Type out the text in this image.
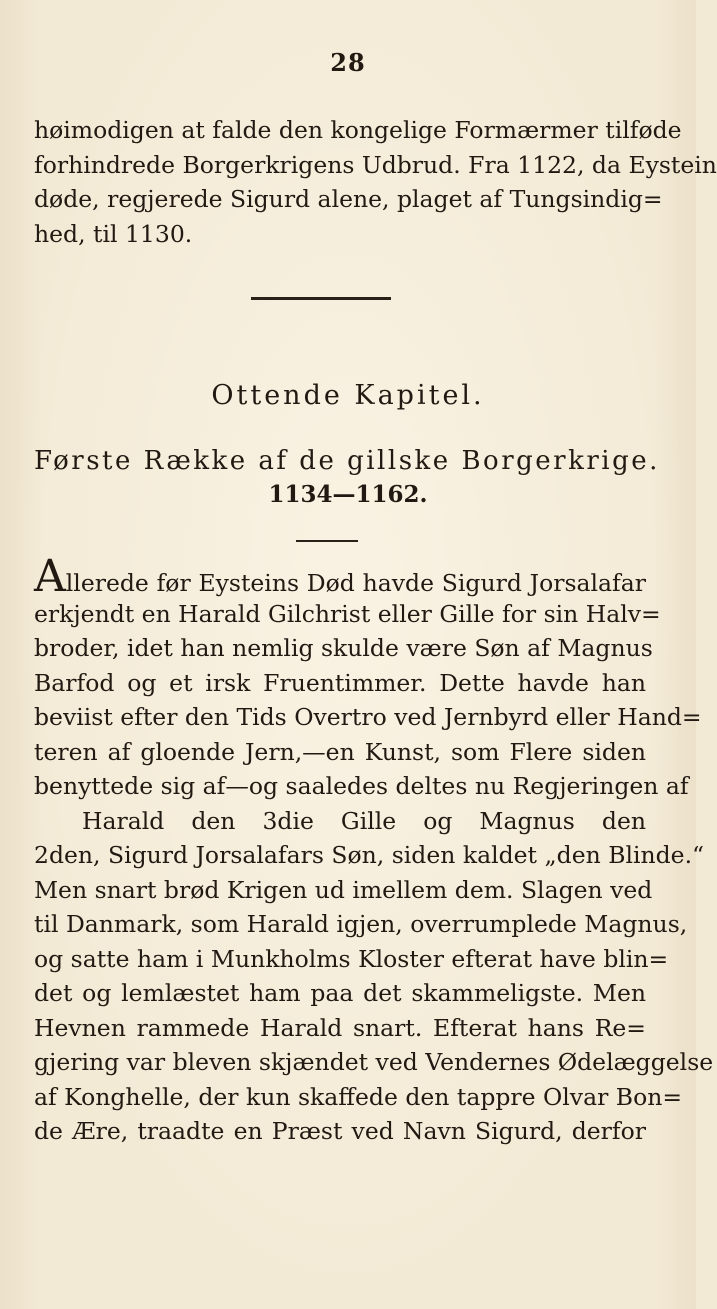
28
høimodigen at falde den kongelige Formærmer tilføde
forhindrede Borgerkrigens Udbrud. Fra 1122, da Eystein
døde, regjerede Sigurd alene, plaget af Tungsindig=
hed, til 1130.
Ottende Kapitel.
Første Række af de gillske Borgerkrige.
1134—1162.
Allerede før Eysteins Død havde Sigurd Jorsalafar
erkjendt en Harald Gilchrist eller Gille for sin Halv=
broder, idet han nemlig skulde være Søn af Magnus
Barfod og et irsk Fruentimmer. Dette havde han
beviist efter den Tids Overtro ved Jernbyrd eller Hand=
teren af gloende Jern,—en Kunst, som Flere siden
benyttede sig af—og saaledes deltes nu Regjeringen af
Harald den 3die Gille og Magnus den
2den, Sigurd Jorsalafars Søn, siden kaldet „den Blinde.“
Men snart brød Krigen ud imellem dem. Slagen ved
til Danmark, som Harald igjen, overrumplede Magnus,
og satte ham i Munkholms Kloster efterat have blin=
det og lemlæstet ham paa det skammeligste. Men
Hevnen rammede Harald snart. Efterat hans Re=
gjering var bleven skjændet ved Vendernes Ødelæggelse
af Konghelle, der kun skaffede den tappre Olvar Bon=
de Ære, traadte en Præst ved Navn Sigurd, derfor
